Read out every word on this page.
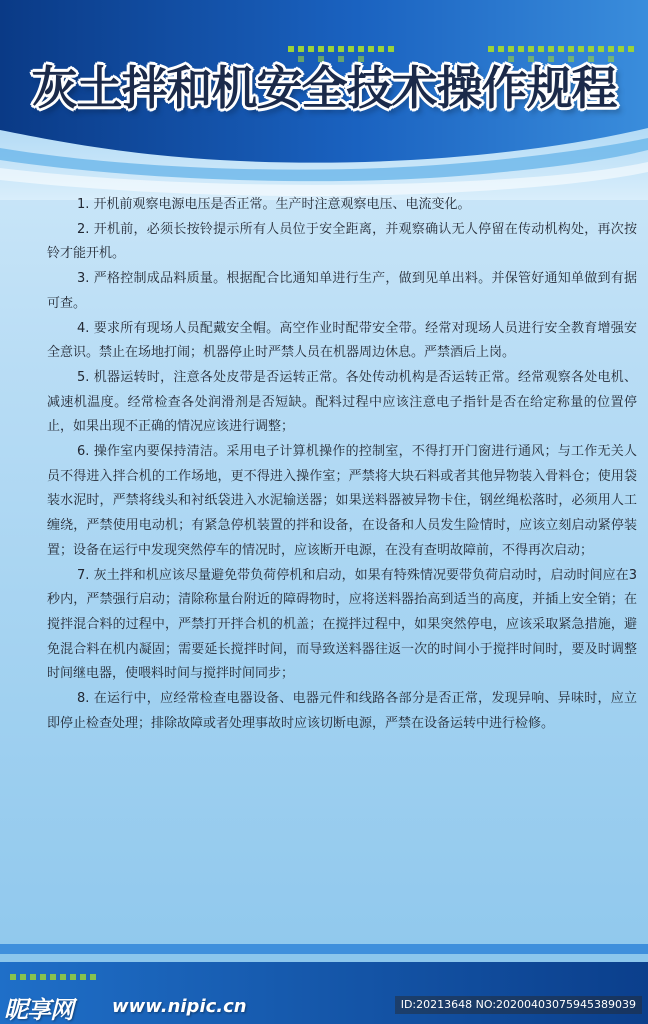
灰土拌和机安全技术操作规程

1. 开机前观察电源电压是否正常。生产时注意观察电压、电流变化。

2. 开机前，必须长按铃提示所有人员位于安全距离，并观察确认无人停留在传动机构处，再次按铃才能开机。

3. 严格控制成品料质量。根据配合比通知单进行生产，做到见单出料。并保管好通知单做到有据可查。

4. 要求所有现场人员配戴安全帽。高空作业时配带安全带。经常对现场人员进行安全教育增强安全意识。禁止在场地打闹；机器停止时严禁人员在机器周边休息。严禁酒后上岗。

5. 机器运转时，注意各处皮带是否运转正常。各处传动机构是否运转正常。经常观察各处电机、减速机温度。经常检查各处润滑剂是否短缺。配料过程中应该注意电子指针是否在给定称量的位置停止，如果出现不正确的情况应该进行调整；

6. 操作室内要保持清洁。采用电子计算机操作的控制室，不得打开门窗进行通风；与工作无关人员不得进入拌合机的工作场地，更不得进入操作室；严禁将大块石料或者其他异物装入骨料仓；使用袋装水泥时，严禁将线头和衬纸袋进入水泥输送器；如果送料器被异物卡住，钢丝绳松落时，必须用人工缠绕，严禁使用电动机；有紧急停机装置的拌和设备，在设备和人员发生险情时，应该立刻启动紧停装置；设备在运行中发现突然停车的情况时，应该断开电源，在没有查明故障前，不得再次启动；

7. 灰土拌和机应该尽量避免带负荷停机和启动，如果有特殊情况要带负荷启动时，启动时间应在3秒内，严禁强行启动；清除称量台附近的障碍物时，应将送料器抬高到适当的高度，并插上安全销；在搅拌混合料的过程中，严禁打开拌合机的机盖；在搅拌过程中，如果突然停电，应该采取紧急措施，避免混合料在机内凝固；需要延长搅拌时间，而导致送料器往返一次的时间小于搅拌时间时，要及时调整时间继电器，使喂料时间与搅拌时间同步；

8. 在运行中，应经常检查电器设备、电器元件和线路各部分是否正常，发现异响、异味时，应立即停止检查处理；排除故障或者处理事故时应该切断电源，严禁在设备运转中进行检修。

昵享网 www.nipic.cn	ID:20213648 NO:20200403075945389039
